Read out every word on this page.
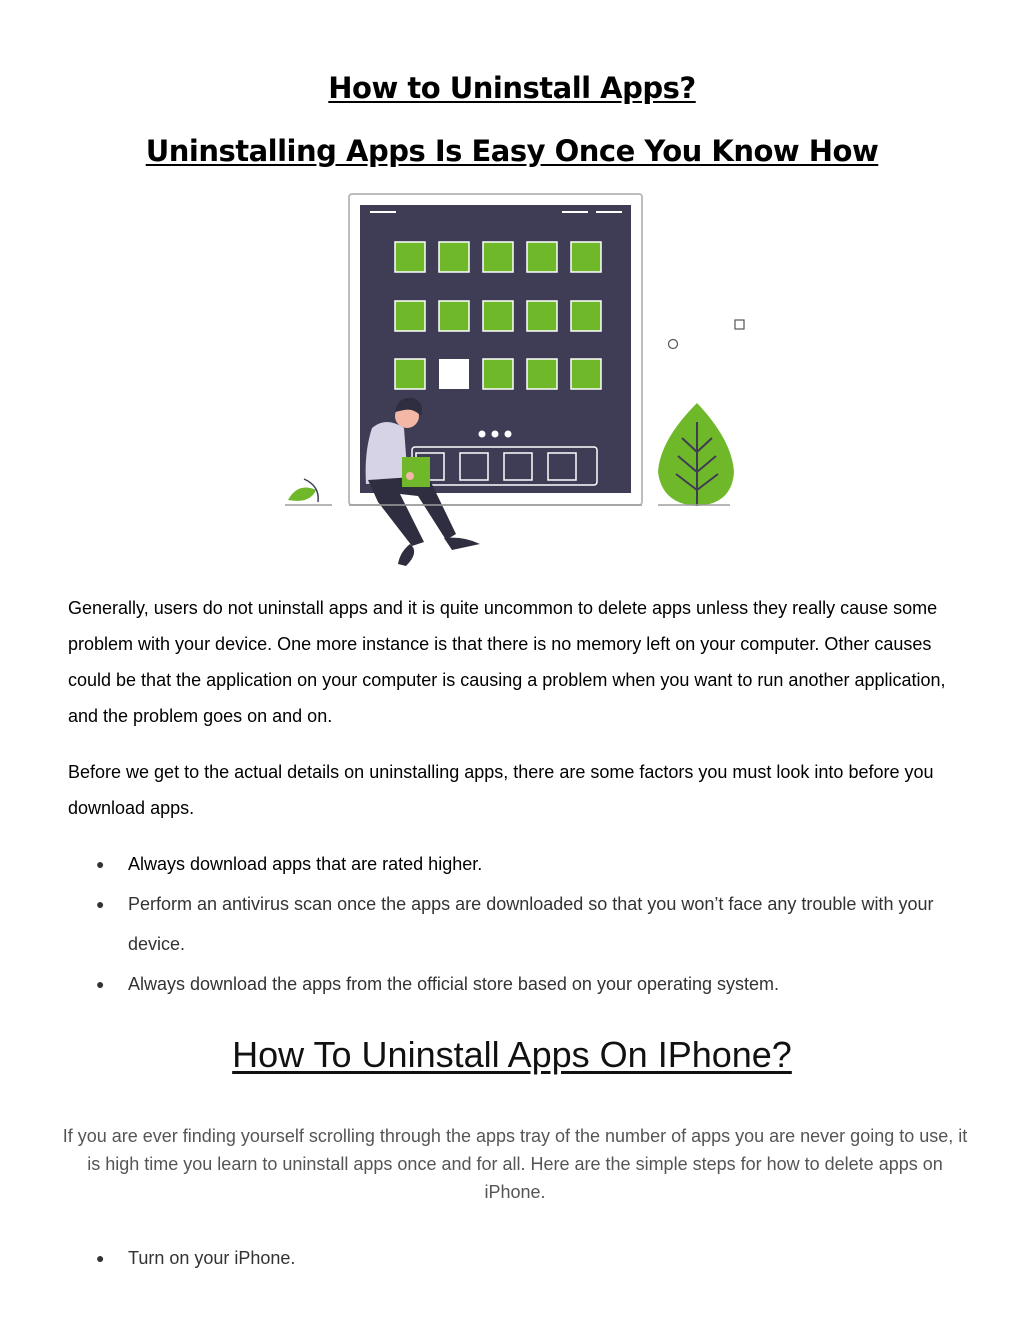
How to Uninstall Apps?
Uninstalling Apps Is Easy Once You Know How

Generally, users do not uninstall apps and it is quite uncommon to delete apps unless they really cause some problem with your device. One more instance is that there is no memory left on your computer. Other causes could be that the application on your computer is causing a problem when you want to run another application, and the problem goes on and on.

Before we get to the actual details on uninstalling apps, there are some factors you must look into before you download apps.

● Always download apps that are rated higher.
● Perform an antivirus scan once the apps are downloaded so that you won’t face any trouble with your device.
● Always download the apps from the official store based on your operating system.
How To Uninstall Apps On IPhone?

If you are ever finding yourself scrolling through the apps tray of the number of apps you are never going to use, it is high time you learn to uninstall apps once and for all. Here are the simple steps for how to delete apps on iPhone.

● Turn on your iPhone.
